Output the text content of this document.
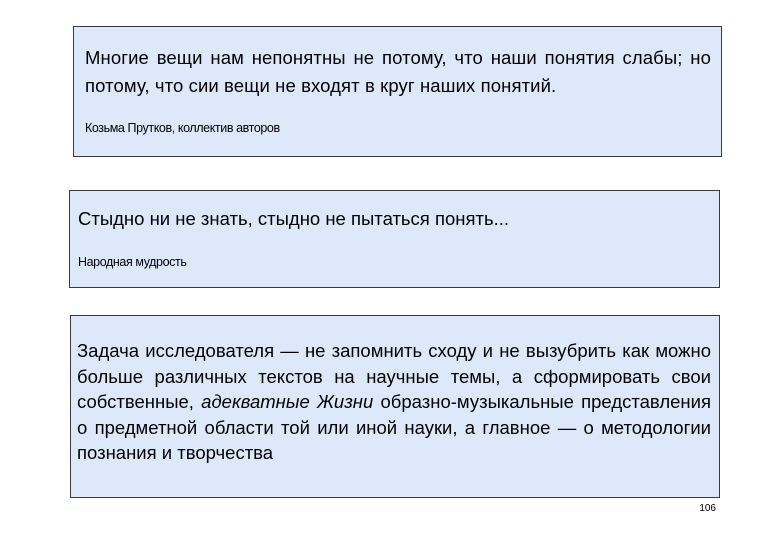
Многие вещи нам непонятны не потому, что наши понятия слабы; но потому, что сии вещи не входят в круг наших понятий.
Козьма Прутков, коллектив авторов
Стыдно ни не знать, стыдно не пытаться понять...
Народная мудрость
Задача исследователя — не запомнить сходу и не вызубрить как можно больше различных текстов на научные темы, а сформировать свои собственные, адекватные Жизни образно-музыкальные представления о предметной области той или иной науки, а главное — о методологии познания и творчества
106
